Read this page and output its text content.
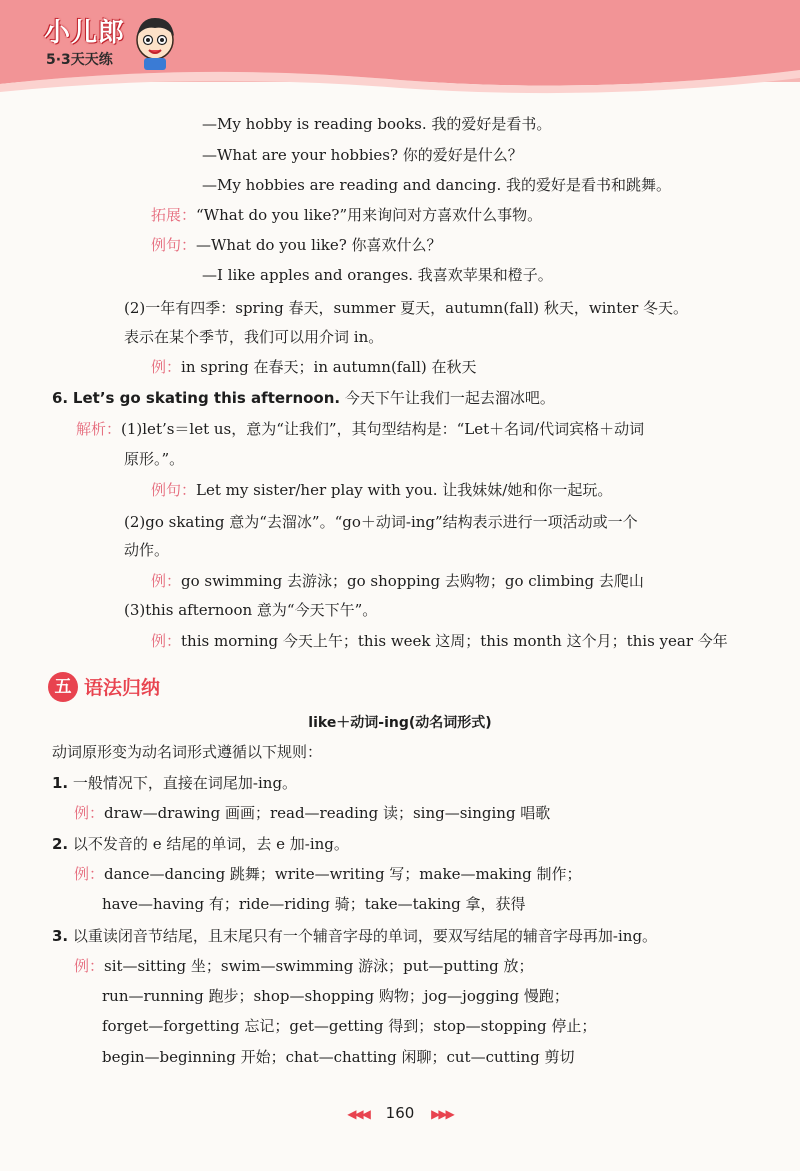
小儿郎
5·3天天练
—My hobby is reading books. 我的爱好是看书。
—What are your hobbies? 你的爱好是什么？
—My hobbies are reading and dancing. 我的爱好是看书和跳舞。
拓展：“What do you like?”用来询问对方喜欢什么事物。
例句：—What do you like? 你喜欢什么？
—I like apples and oranges. 我喜欢苹果和橙子。
(2)一年有四季：spring 春天，summer 夏天，autumn(fall) 秋天，winter 冬天。
表示在某个季节，我们可以用介词 in。
例：in spring 在春天；in autumn(fall) 在秋天
6. Let’s go skating this afternoon. 今天下午让我们一起去溜冰吧。
解析：(1)let’s＝let us，意为“让我们”，其句型结构是：“Let＋名词/代词宾格＋动词
原形。”。
例句：Let my sister/her play with you. 让我妹妹/她和你一起玩。
(2)go skating 意为“去溜冰”。“go＋动词-ing”结构表示进行一项活动或一个
动作。
例：go swimming 去游泳；go shopping 去购物；go climbing 去爬山
(3)this afternoon 意为“今天下午”。
例：this morning 今天上午；this week 这周；this month 这个月；this year 今年
五 语法归纳
like＋动词-ing(动名词形式)
动词原形变为动名词形式遵循以下规则：
1. 一般情况下，直接在词尾加-ing。
例：draw—drawing 画画；read—reading 读；sing—singing 唱歌
2. 以不发音的 e 结尾的单词，去 e 加-ing。
例：dance—dancing 跳舞；write—writing 写；make—making 制作；
have—having 有；ride—riding 骑；take—taking 拿，获得
3. 以重读闭音节结尾，且末尾只有一个辅音字母的单词，要双写结尾的辅音字母再加-ing。
例：sit—sitting 坐；swim—swimming 游泳；put—putting 放；
run—running 跑步；shop—shopping 购物；jog—jogging 慢跑；
forget—forgetting 忘记；get—getting 得到；stop—stopping 停止；
begin—beginning 开始；chat—chatting 闲聊；cut—cutting 剪切
◀◀◀ 160 ▶▶▶
